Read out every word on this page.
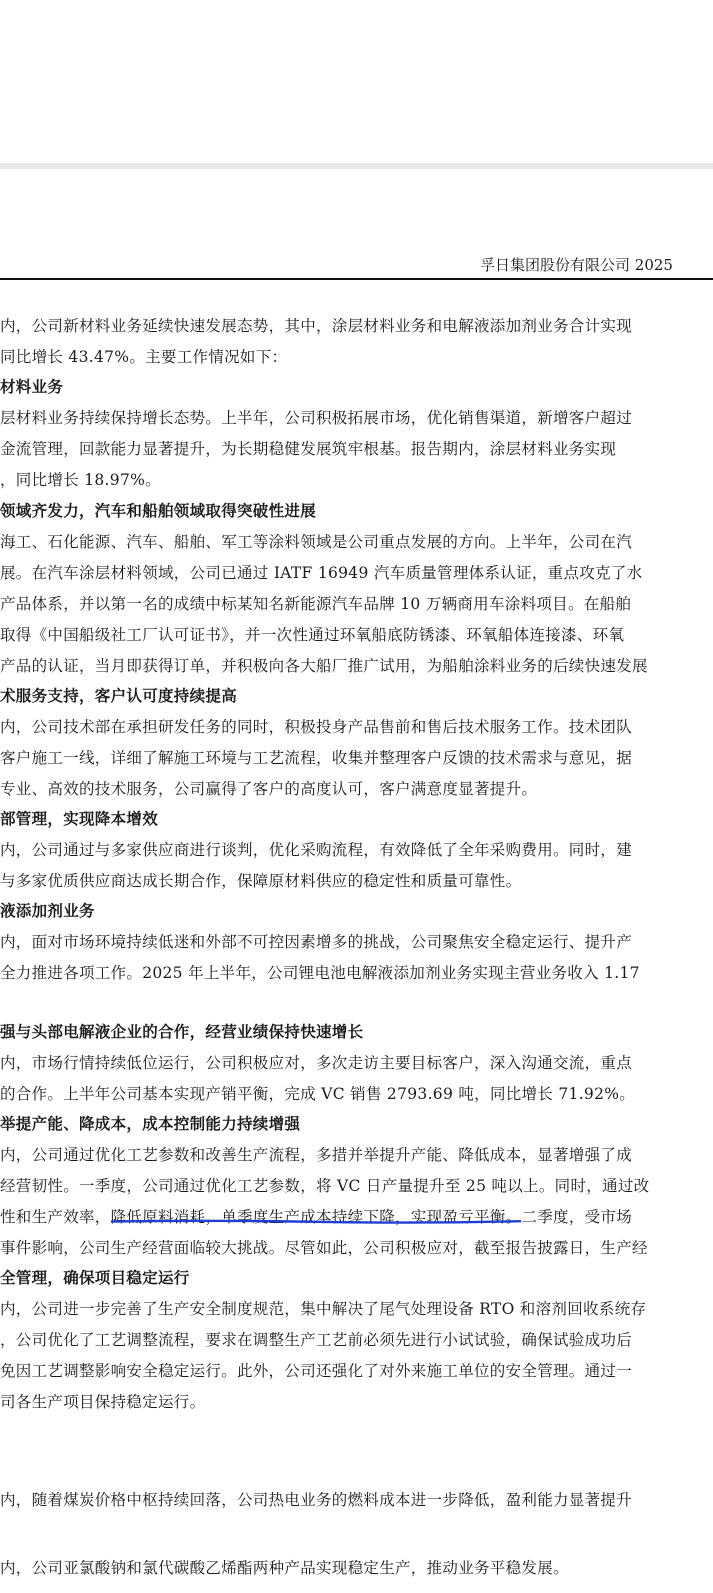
孚日集团股份有限公司 2025
内，公司新材料业务延续快速发展态势，其中，涂层材料业务和电解液添加剂业务合计实现
同比增长 43.47%。主要工作情况如下：
材料业务
层材料业务持续保持增长态势。上半年，公司积极拓展市场，优化销售渠道，新增客户超过
金流管理，回款能力显著提升，为长期稳健发展筑牢根基。报告期内，涂层材料业务实现
，同比增长 18.97%。
领域齐发力，汽车和船舶领域取得突破性进展
海工、石化能源、汽车、船舶、军工等涂料领域是公司重点发展的方向。上半年，公司在汽
展。在汽车涂层材料领域，公司已通过 IATF 16949 汽车质量管理体系认证，重点攻克了水
产品体系，并以第一名的成绩中标某知名新能源汽车品牌 10 万辆商用车涂料项目。在船舶
取得《中国船级社工厂认可证书》，并一次性通过环氧船底防锈漆、环氧船体连接漆、环氧
产品的认证，当月即获得订单，并积极向各大船厂推广试用，为船舶涂料业务的后续快速发展
术服务支持，客户认可度持续提高
内，公司技术部在承担研发任务的同时，积极投身产品售前和售后技术服务工作。技术团队
客户施工一线，详细了解施工环境与工艺流程，收集并整理客户反馈的技术需求与意见，据
专业、高效的技术服务，公司赢得了客户的高度认可，客户满意度显著提升。
部管理，实现降本增效
内，公司通过与多家供应商进行谈判，优化采购流程，有效降低了全年采购费用。同时，建
与多家优质供应商达成长期合作，保障原材料供应的稳定性和质量可靠性。
液添加剂业务
内，面对市场环境持续低迷和外部不可控因素增多的挑战，公司聚焦安全稳定运行、提升产
全力推进各项工作。2025 年上半年，公司锂电池电解液添加剂业务实现主营业务收入 1.17
强与头部电解液企业的合作，经营业绩保持快速增长
内，市场行情持续低位运行，公司积极应对，多次走访主要目标客户，深入沟通交流，重点
的合作。上半年公司基本实现产销平衡，完成 VC 销售 2793.69 吨，同比增长 71.92%。
举提产能、降成本，成本控制能力持续增强
内，公司通过优化工艺参数和改善生产流程，多措并举提升产能、降低成本，显著增强了成
经营韧性。一季度，公司通过优化工艺参数，将 VC 日产量提升至 25 吨以上。同时，通过改
性和生产效率，降低原料消耗，单季度生产成本持续下降，实现盈亏平衡。
二季度，受市场
事件影响，公司生产经营面临较大挑战。尽管如此，公司积极应对，截至报告披露日，生产经
全管理，确保项目稳定运行
内，公司进一步完善了生产安全制度规范，集中解决了尾气处理设备 RTO 和溶剂回收系统存
，公司优化了工艺调整流程，要求在调整生产工艺前必须先进行小试试验，确保试验成功后
免因工艺调整影响安全稳定运行。此外，公司还强化了对外来施工单位的安全管理。通过一
司各生产项目保持稳定运行。
内，随着煤炭价格中枢持续回落，公司热电业务的燃料成本进一步降低，盈利能力显著提升
内，公司亚氯酸钠和氯代碳酸乙烯酯两种产品实现稳定生产，推动业务平稳发展。
